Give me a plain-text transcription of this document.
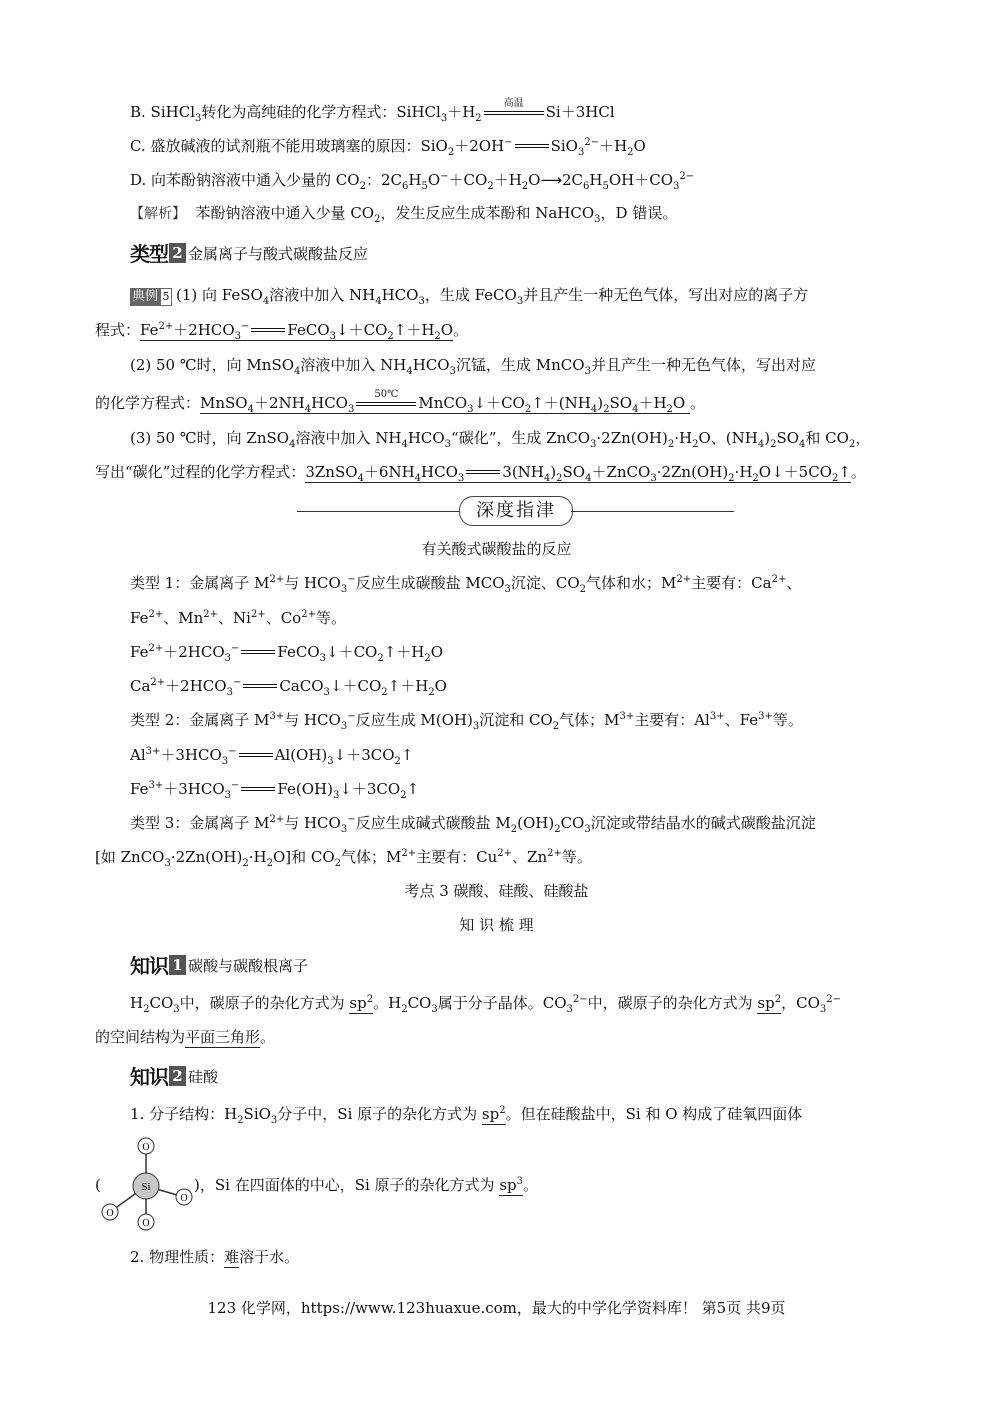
B. SiHCl$_3$转化为高纯硅的化学方程式：$SiHCl_3+H_2$
高温	Si＋3HCl
C. 盛放碱液的试剂瓶不能用玻璃塞的原因：SiO$_2$＋2OH−	$SiO_3^{2-}+H_2O$
D. 向苯酚钠溶液中通入少量的 $CO_2$：$2C_6H_5O^-+CO_2+H_2O⟶2C_6H_5OH+CO_3^{2-}$
【解析】 苯酚钠溶液中通入少量 $CO_2$，发生反应生成苯酚和 NaHCO$_3$，D 错误。
类型 2 金属离子与酸式碳酸盐反应
典例 5 (1) 向 FeSO$_4$溶液中加入 $NH_4HCO_3$，生成 FeCO$_3$并且产生一种无色气体，写出对应的离子方
程式：$Fe^{2+}+2HCO_3^-$	$FeCO_3↓+CO_2↑+H_2O$。
(2) 50 ℃时，向 MnSO$_4$溶液中加入 $NH_4HCO_3$沉锰，生成 MnCO$_3$并且产生一种无色气体，写出对应
的化学方程式：$MnSO_4+2NH_4HCO_3$
50℃	$MnCO_3↓+CO_2↑+(NH_4)_2SO_4+H_2O$ 。
(3) 50 ℃时，向 ZnSO$_4$溶液中加入 $NH_4HCO_3“$碳化”，生成 $ZnCO_3\cdot 2Zn(OH)_2\cdot H_2O$、$(NH_4)_2SO_4$和 $CO_2$，
写出“碳化”过程的化学方程式：$3ZnSO_4+6NH_4HCO_3$	$3(NH_4)_2SO_4+ZnCO_3\cdot 2Zn(OH)_2\cdot H_2O↓+5CO_2↑$。
深度指津
有关酸式碳酸盐的反应
类型 1：金属离子 $M^{2+}$与 $HCO_3^-$反应生成碳酸盐 $MCO_3$沉淀、$CO_2$气体和水；$M^{2+}$主要有：$Ca^{2+}$、
$Fe^{2+}$、$Mn^{2+}$、$Ni^{2+}$、$Co^{2+}$等。
$Fe^{2+}+2HCO_3^-$	$FeCO_3↓+CO_2↑+H_2O$
$Ca^{2+}+2HCO_3^-$	$CaCO_3↓+CO_2↑+H_2O$
类型 2：金属离子 $M^{3+}$与 $HCO_3^-$反应生成 $M(OH)_3$沉淀和 $CO_2$气体；$M^{3+}$主要有：$Al^{3+}$、$Fe^{3+}$等。
$Al^{3+}+3HCO_3^-$	$Al(OH)_3↓+3CO_2↑$
$Fe^{3+}+3HCO_3^-$	$Fe(OH)_3↓+3CO_2↑$
类型 3：金属离子 $M^{2+}$与 $HCO_3^-$反应生成碱式碳酸盐 $M_2(OH)_2CO_3$沉淀或带结晶水的碱式碳酸盐沉淀
[如 $ZnCO_3\cdot 2Zn(OH)_2\cdot H_2O$]和 $CO_2$气体；$M^{2+}$主要有：$Cu^{2+}$、$Zn^{2+}$等。
考点 3 碳酸、硅酸、硅酸盐
知 识 梳 理
知识 1 碳酸与碳酸根离子
$H_2CO_3$中，碳原子的杂化方式为 $sp^2$。$H_2CO_3$属于分子晶体。$CO_3^{2-}$中，碳原子的杂化方式为 $sp^2$，$CO_3^{2-}$
的空间结构为平面三角形。
知识 2 硅酸
1. 分子结构：$H_2SiO_3$分子中，Si 原子的杂化方式为 $sp^2$。但在硅酸盐中，Si 和 O 构成了硅氧四面体
Si
O
O
O
O
(	)，Si 在四面体的中心，Si 原子的杂化方式为 $sp^3$。
2. 物理性质：难溶于水。
123 化学网，https://www.123huaxue.com，最大的中学化学资料库！ 第5页 共9页
